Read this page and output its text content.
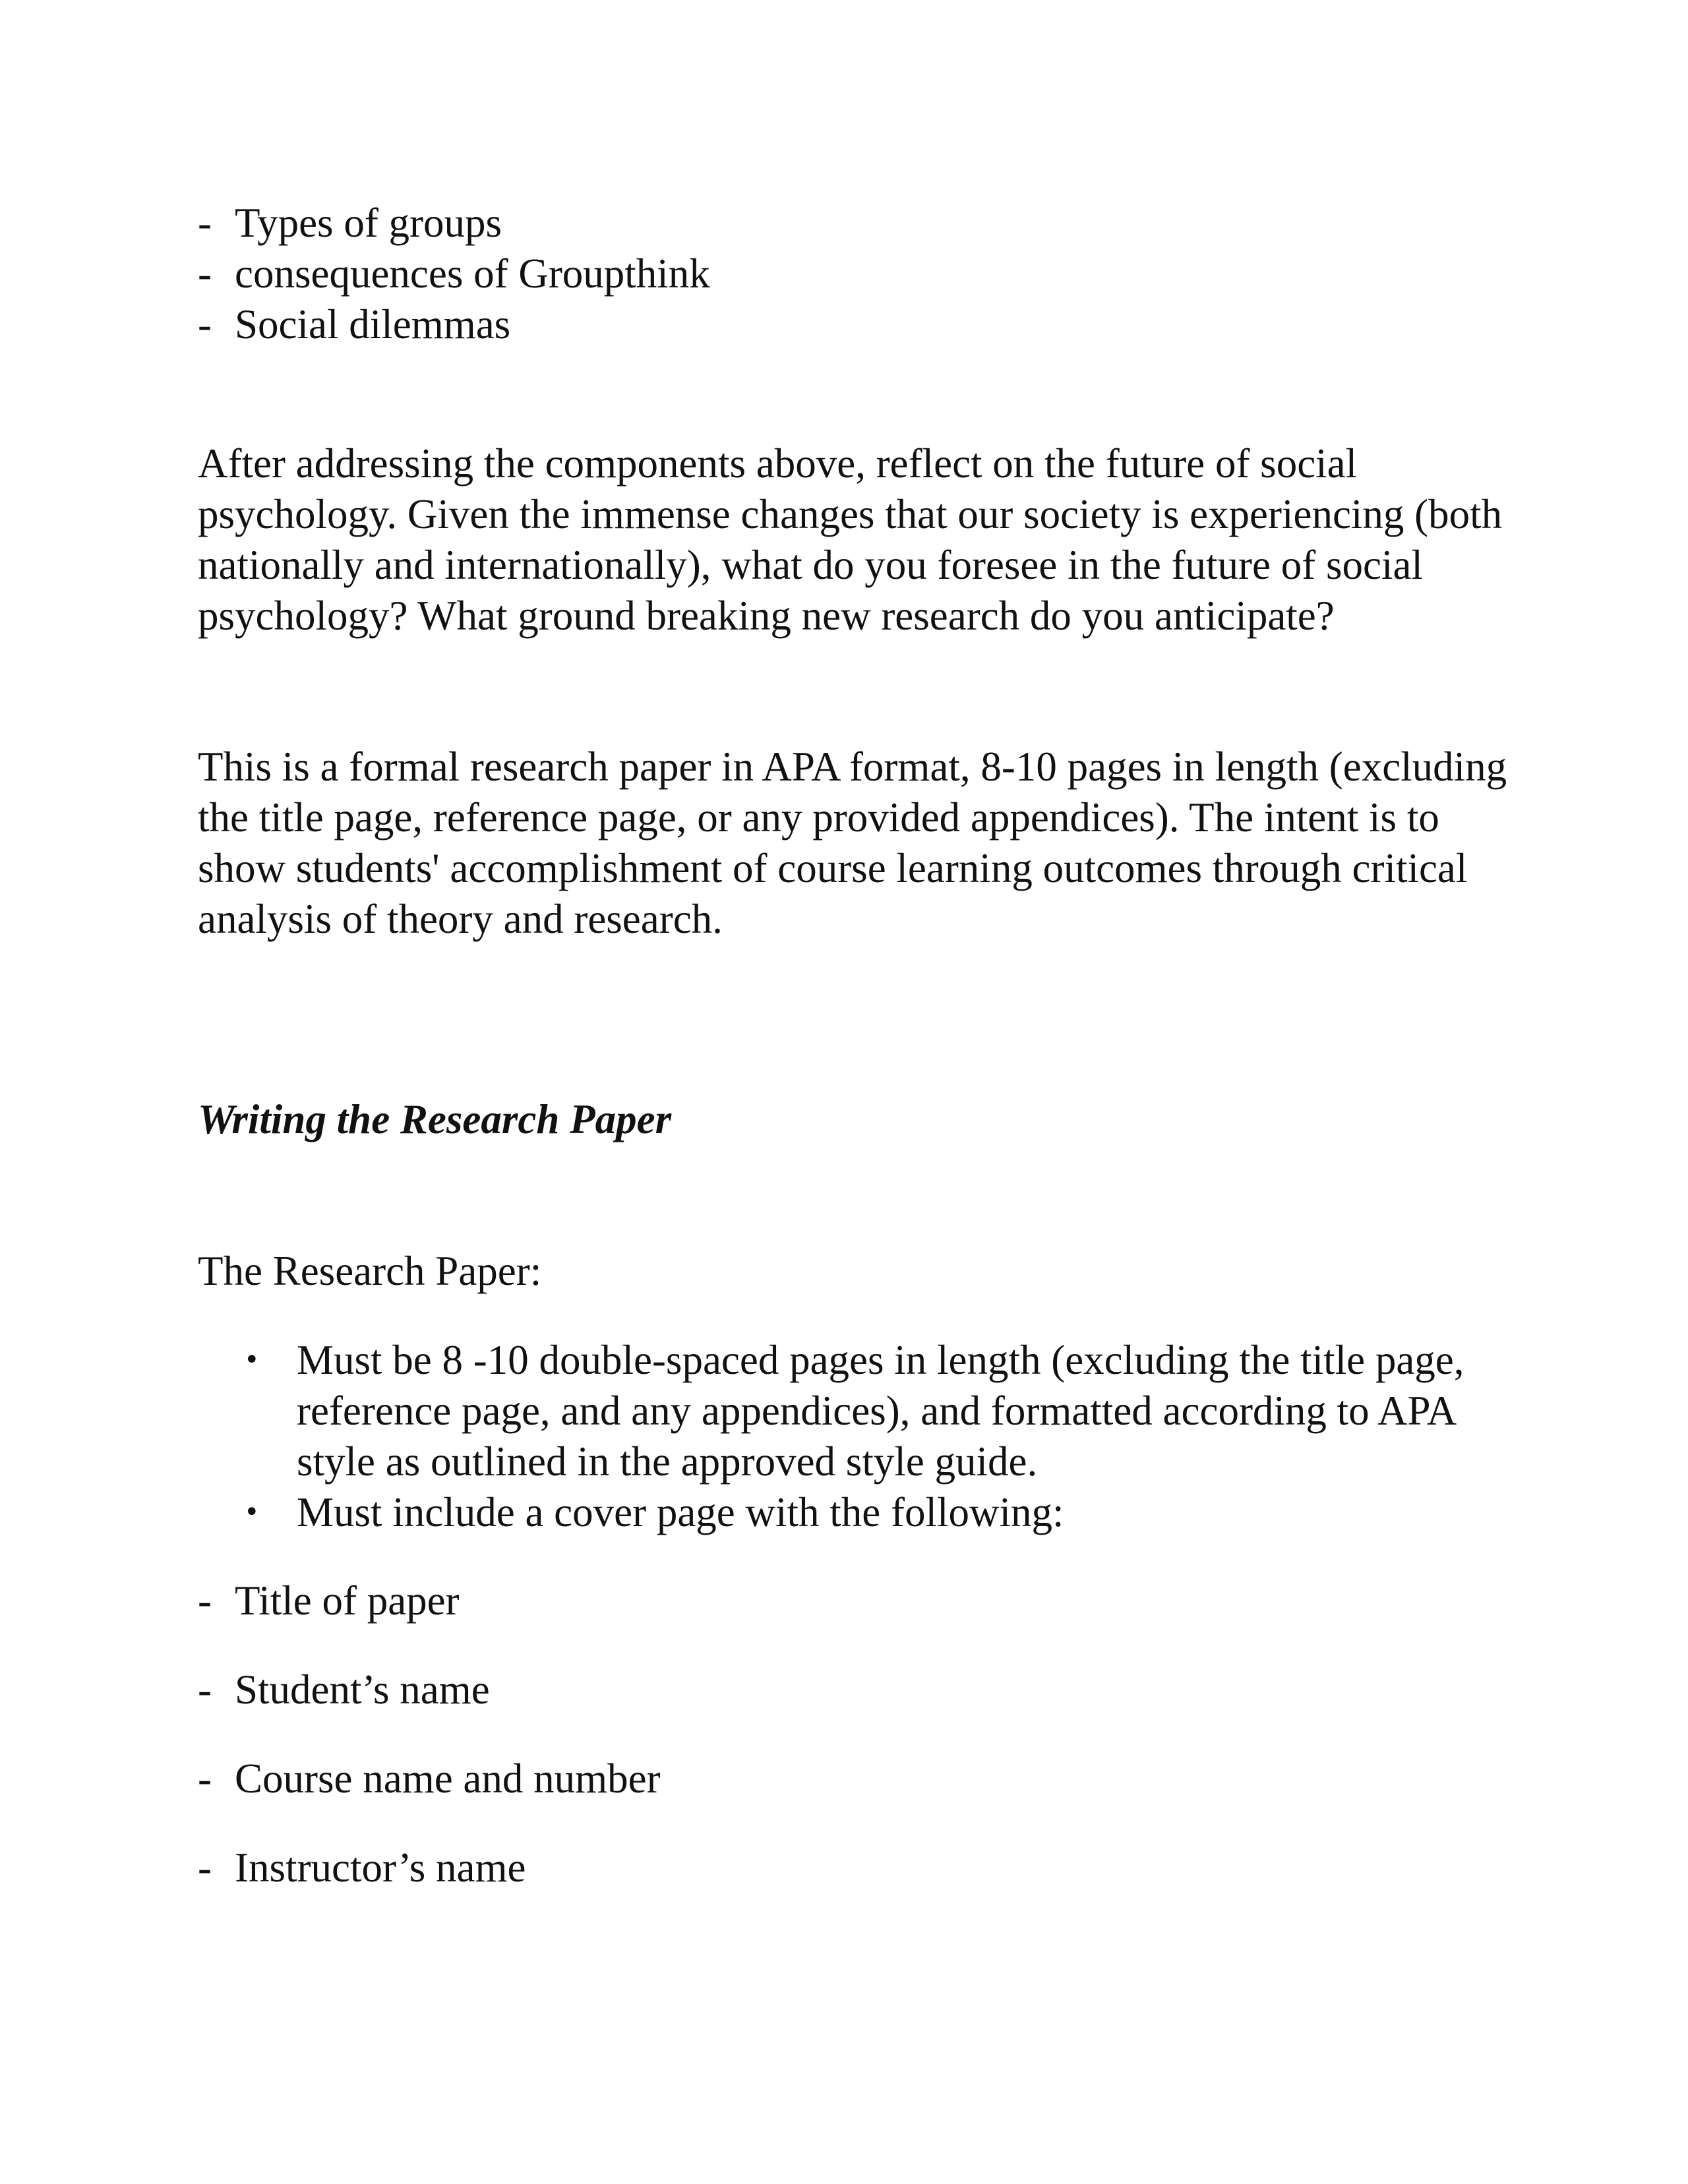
- Types of groups
- consequences of Groupthink
- Social dilemmas

After addressing the components above, reflect on the future of social psychology. Given the immense changes that our society is experiencing (both nationally and internationally), what do you foresee in the future of social psychology? What ground breaking new research do you anticipate?

This is a formal research paper in APA format, 8-10 pages in length (excluding the title page, reference page, or any provided appendices). The intent is to show students' accomplishment of course learning outcomes through critical analysis of theory and research.

Writing the Research Paper

The Research Paper:

• Must be 8 -10 double-spaced pages in length (excluding the title page, reference page, and any appendices), and formatted according to APA style as outlined in the approved style guide.
• Must include a cover page with the following:
- Title of paper
- Student’s name
- Course name and number
- Instructor’s name
